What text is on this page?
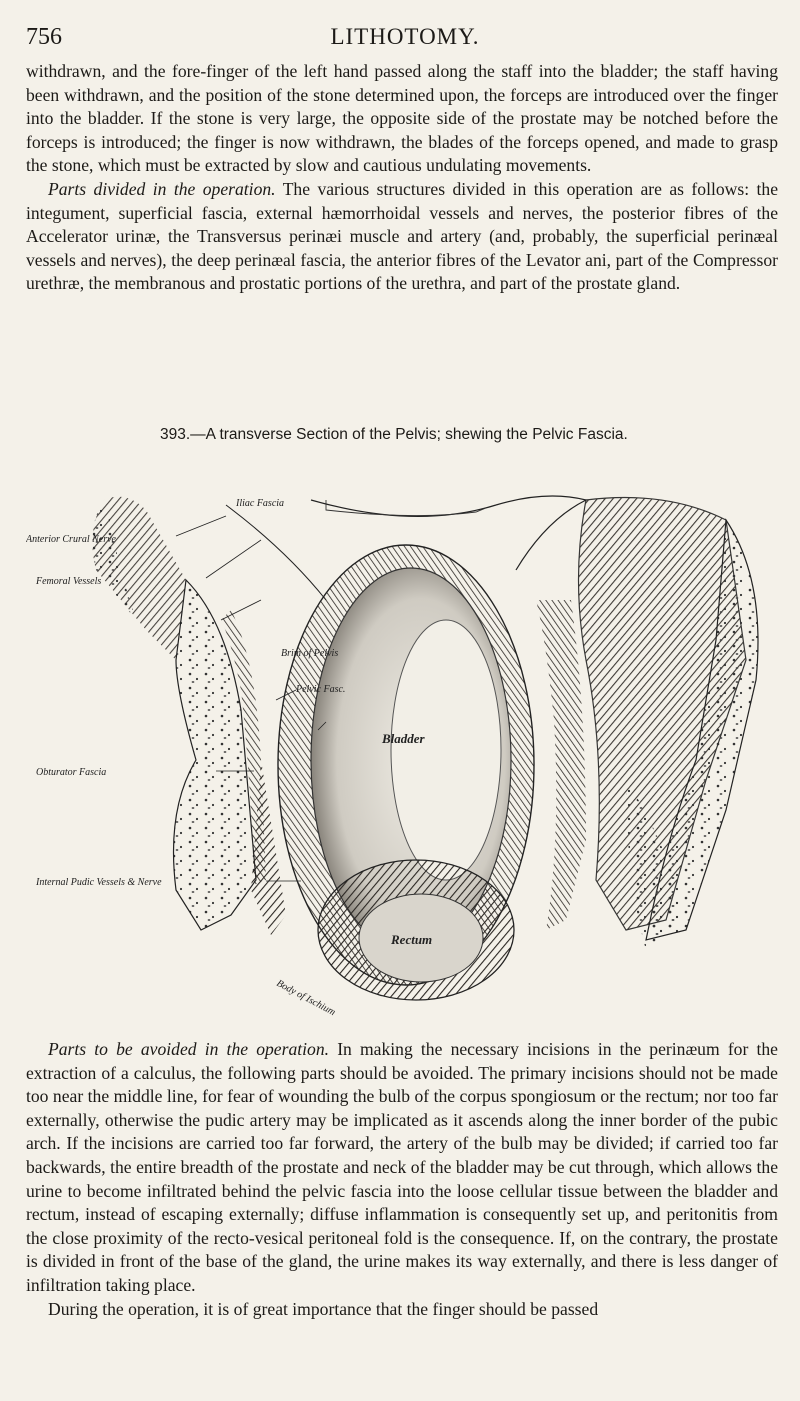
756	LITHOTOMY.

withdrawn, and the fore-finger of the left hand passed along the staff into the bladder; the staff having been withdrawn, and the position of the stone determined upon, the forceps are introduced over the finger into the bladder. If the stone is very large, the opposite side of the prostate may be notched before the forceps is introduced; the finger is now withdrawn, the blades of the forceps opened, and made to grasp the stone, which must be extracted by slow and cautious undulating movements.

Parts divided in the operation. The various structures divided in this operation are as follows: the integument, superficial fascia, external hæmorrhoidal vessels and nerves, the posterior fibres of the Accelerator urinæ, the Transversus perinæi muscle and artery (and, probably, the superficial perinæal vessels and nerves), the deep perinæal fascia, the anterior fibres of the Levator ani, part of the Compressor urethræ, the membranous and prostatic portions of the urethra, and part of the prostate gland.

393.—A transverse Section of the Pelvis; shewing the Pelvic Fascia.
Iliac Fascia
Anterior Crural Nerve
Femoral Vessels
Brim of Pelvis
Pelvic Fasc.
Bladder
Obturator Fascia
Internal Pudic Vessels & Nerve
Rectum
Body of Ischium

Parts to be avoided in the operation. In making the necessary incisions in the perinæum for the extraction of a calculus, the following parts should be avoided. The primary incisions should not be made too near the middle line, for fear of wounding the bulb of the corpus spongiosum or the rectum; nor too far externally, otherwise the pudic artery may be implicated as it ascends along the inner border of the pubic arch. If the incisions are carried too far forward, the artery of the bulb may be divided; if carried too far backwards, the entire breadth of the prostate and neck of the bladder may be cut through, which allows the urine to become infiltrated behind the pelvic fascia into the loose cellular tissue between the bladder and rectum, instead of escaping externally; diffuse inflammation is consequently set up, and peritonitis from the close proximity of the recto-vesical peritoneal fold is the consequence. If, on the contrary, the prostate is divided in front of the base of the gland, the urine makes its way externally, and there is less danger of infiltration taking place.

During the operation, it is of great importance that the finger should be passed
